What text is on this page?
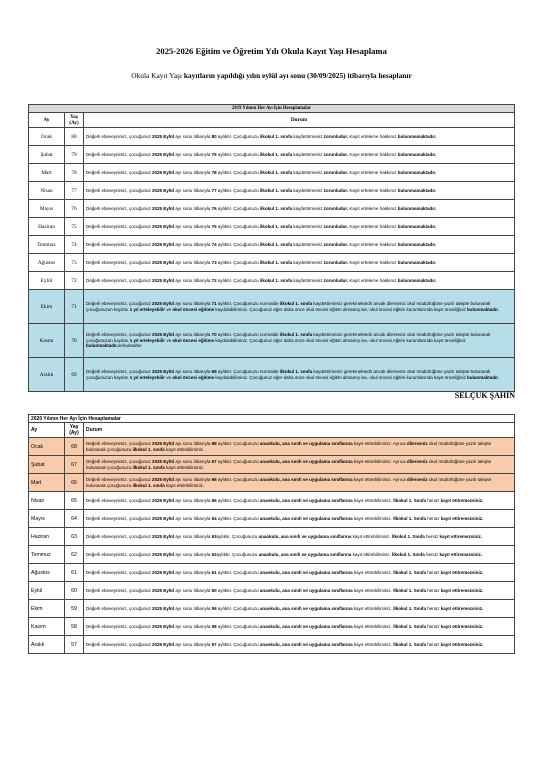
2025-2026 Eğitim ve Öğretim Yılı Okula Kayıt Yaşı Hesaplama
Okula Kayıt Yaşı kayıtların yapıldığı yılın eylül ayı sonu (30/09/2025) itibarıyla hesaplanır
2019 Yılının Her Ayı İçin Hesaplamalar		
Ay	Yaş (Ay)	Durum
Ocak	80	Değerli ebeveynimiz, çocuğunuz 2025 Eylül ayı sonu itibarıyla 80 aylıktır. Çocuğunuzu ilkokul 1. sınıfa kaydettirmeniz zorunludur. Kayıt erteleme hakkınız bulunmamaktadır.
Şubat	79	Değerli ebeveynimiz, çocuğunuz 2025 Eylül ayı sonu itibarıyla 79 aylıktır. Çocuğunuzu ilkokul 1. sınıfa kaydettirmeniz zorunludur. Kayıt erteleme hakkınız bulunmamaktadır.
Mart	78	Değerli ebeveynimiz, çocuğunuz 2025 Eylül ayı sonu itibarıyla 78 aylıktır. Çocuğunuzu ilkokul 1. sınıfa kaydettirmeniz zorunludur. Kayıt erteleme hakkınız bulunmamaktadır.
Nisan	77	Değerli ebeveynimiz, çocuğunuz 2025 Eylül ayı sonu itibarıyla 77 aylıktır. Çocuğunuzu ilkokul 1. sınıfa kaydettirmeniz zorunludur. Kayıt erteleme hakkınız bulunmamaktadır.
Mayıs	76	Değerli ebeveynimiz, çocuğunuz 2025 Eylül ayı sonu itibarıyla 76 aylıktır. Çocuğunuzu ilkokul 1. sınıfa kaydettirmeniz zorunludur. Kayıt erteleme hakkınız bulunmamaktadır.
Haziran	75	Değerli ebeveynimiz, çocuğunuz 2025 Eylül ayı sonu itibarıyla 75 aylıktır. Çocuğunuzu ilkokul 1. sınıfa kaydettirmeniz zorunludur. Kayıt erteleme hakkınız bulunmamaktadır.
Temmuz	74	Değerli ebeveynimiz, çocuğunuz 2025 Eylül ayı sonu itibarıyla 74 aylıktır. Çocuğunuzu ilkokul 1. sınıfa kaydettirmeniz zorunludur. Kayıt erteleme hakkınız bulunmamaktadır.
Ağustos	73	Değerli ebeveynimiz, çocuğunuz 2025 Eylül ayı sonu itibarıyla 73 aylıktır. Çocuğunuzu ilkokul 1. sınıfa kaydettirmeniz zorunludur. Kayıt erteleme hakkınız bulunmamaktadır.
Eylül	72	Değerli ebeveynimiz, çocuğunuz 2025 Eylül ayı sonu itibarıyla 72 aylıktır. Çocuğunuzu ilkokul 1. sınıfa kaydettirmeniz zorunludur. Kayıt erteleme hakkınız bulunmamaktadır.
Ekim	71	Değerli ebeveynimiz, çocuğunuz 2025 Eylül ayı sonu itibarıyla 71 aylıktır. Çocuğunuzu normalde ilkokul 1. sınıfa kaydettirmeniz gerekmektedir ancak dilerseniz okul müdürlüğüne yazılı talepte bulunarak çocuğunuzun kaydını 1 yıl erteleyebilir ve okul öncesi eğitime kaydolabilirsiniz. Çocuğunuz eğer daha önce okul öncesi eğitim almamış ise, okul öncesi eğitim kurumlarında kayıt önceliğiniz bulunmaktadır.
Kasım	70	Değerli ebeveynimiz, çocuğunuz 2025 Eylül ayı sonu itibarıyla 70 aylıktır. Çocuğunuzu normalde ilkokul 1. sınıfa kaydettirmeniz gerekmektedir ancak dilerseniz okul müdürlüğüne yazılı talepte bulunarak çocuğunuzun kaydını 1 yıl erteleyebilir ve okul öncesi eğitime kaydolabilirsiniz. Çocuğunuz eğer daha önce okul öncesi eğitim almamış ise, okul öncesi eğitim kurumlarında kayıt önceliğiniz bulunmaktadır.selcuksahin
Aralık	69	Değerli ebeveynimiz, çocuğunuz 2025 Eylül ayı sonu itibarıyla 69 aylıktır. Çocuğunuzu normalde ilkokul 1. sınıfa kaydettirmeniz gerekmektedir ancak dilerseniz okul müdürlüğüne yazılı talepte bulunarak çocuğunuzun kaydını 1 yıl erteleyebilir ve okul öncesi eğitime kaydolabilirsiniz. Çocuğunuz eğer daha önce okul öncesi eğitim almamış ise, okul öncesi eğitim kurumlarında kayıt önceliğiniz bulunmaktadır.
SELÇUK ŞAHİN
2020 Yılının Her Ayı İçin Hesaplamalar		
Ay	Yaş (Ay)	Durum
Ocak	68	Değerli ebeveynimiz, çocuğunuz 2025 Eylül ayı sonu itibarıyla 68 aylıktır. Çocuğunuzu anaokulu, ana sınıfı ve uygulama sınıflarına kayıt ettirebilirsiniz. Ayrıca dilerseniz okul müdürlüğüne yazılı talepte bulunarak çocuğunuzu ilkokul 1. sınıfa kayıt ettirebilirsiniz.
Şubat	67	Değerli ebeveynimiz, çocuğunuz 2025 Eylül ayı sonu itibarıyla 67 aylıktır. Çocuğunuzu anaokulu, ana sınıfı ve uygulama sınıflarına kayıt ettirebilirsiniz. Ayrıca dilerseniz okul müdürlüğüne yazılı talepte bulunarak çocuğunuzu ilkokul 1. sınıfa kayıt ettirebilirsiniz.
Mart	66	Değerli ebeveynimiz, çocuğunuz 2025 Eylül ayı sonu itibarıyla 66 aylıktır. Çocuğunuzu anaokulu, ana sınıfı ve uygulama sınıflarına kayıt ettirebilirsiniz. Ayrıca dilerseniz okul müdürlüğüne yazılı talepte bulunarak çocuğunuzu ilkokul 1. sınıfa kayıt ettirebilirsiniz.
Nisan	65	Değerli ebeveynimiz, çocuğunuz 2025 Eylül ayı sonu itibarıyla 65 aylıktır. Çocuğunuzu anaokulu, ana sınıfı ve uygulama sınıflarına kayıt ettirebilirsiniz. İlkokul 1. Sınıfa henüz kayıt ettiremezsiniz.
Mayıs	64	Değerli ebeveynimiz, çocuğunuz 2025 Eylül ayı sonu itibarıyla 64 aylıktır. Çocuğunuzu anaokulu, ana sınıfı ve uygulama sınıflarına kayıt ettirebilirsiniz. İlkokul 1. Sınıfa henüz kayıt ettiremezsiniz.
Haziran	63	Değerli ebeveynimiz, çocuğunuz 2025 Eylül ayı sonu itibarıyla 63aylıktır. Çocuğunuzu anaokulu, ana sınıfı ve uygulama sınıflarına kayıt ettirebilirsiniz. İlkokul 1. Sınıfa henüz kayıt ettiremezsiniz.
Temmuz	62	Değerli ebeveynimiz, çocuğunuz 2025 Eylül ayı sonu itibarıyla 62aylıktır. Çocuğunuzu anaokulu, ana sınıfı ve uygulama sınıflarına kayıt ettirebilirsiniz. İlkokul 1. Sınıfa henüz kayıt ettiremezsiniz.
Ağustos	61	Değerli ebeveynimiz, çocuğunuz 2025 Eylül ayı sonu itibarıyla 61 aylıktır. Çocuğunuzu anaokulu, ana sınıfı ve uygulama sınıflarına kayıt ettirebilirsiniz. İlkokul 1. Sınıfa henüz kayıt ettiremezsiniz.
Eylül	60	Değerli ebeveynimiz, çocuğunuz 2025 Eylül ayı sonu itibarıyla 60 aylıktır. Çocuğunuzu anaokulu, ana sınıfı ve uygulama sınıflarına kayıt ettirebilirsiniz. İlkokul 1. Sınıfa henüz kayıt ettiremezsiniz.
Ekim	59	Değerli ebeveynimiz, çocuğunuz 2025 Eylül ayı sonu itibarıyla 59 aylıktır. Çocuğunuzu anaokulu, ana sınıfı ve uygulama sınıflarına kayıt ettirebilirsiniz. İlkokul 1. Sınıfa henüz kayıt ettiremezsiniz.
Kasım	58	Değerli ebeveynimiz, çocuğunuz 2025 Eylül ayı sonu itibarıyla 58 aylıktır. Çocuğunuzu anaokulu, ana sınıfı ve uygulama sınıflarına kayıt ettirebilirsiniz. İlkokul 1. Sınıfa henüz kayıt ettiremezsiniz.
Aralık	57	Değerli ebeveynimiz, çocuğunuz 2025 Eylül ayı sonu itibarıyla 57 aylıktır. Çocuğunuzu anaokulu, ana sınıfı ve uygulama sınıflarına kayıt ettirebilirsiniz. İlkokul 1. Sınıfa henüz kayıt ettiremezsiniz.
